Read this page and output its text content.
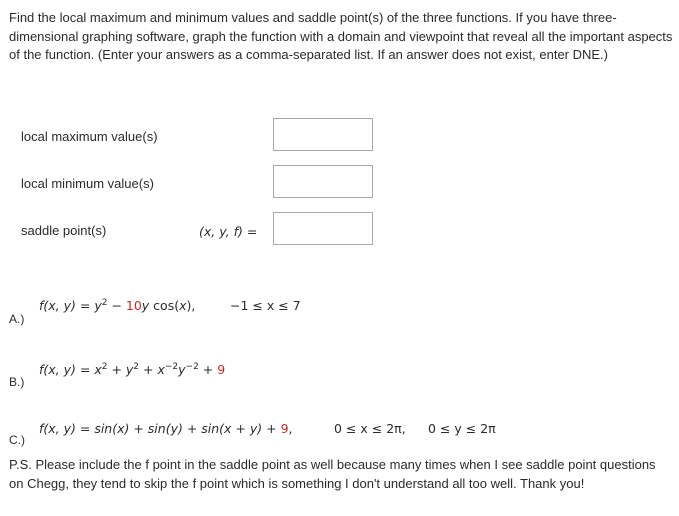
Find the local maximum and minimum values and saddle point(s) of the three functions. If you have three-dimensional graphing software, graph the function with a domain and viewpoint that reveal all the important aspects of the function. (Enter your answers as a comma-separated list. If an answer does not exist, enter DNE.)

local maximum value(s)
local minimum value(s)
saddle point(s)	(x, y, f) =
A.)
f(x, $y) = y^2 - 10y$ cos(x),	−1 ≤ x ≤ 7
B.)
f(x, $y) = x^2 + y^2 + x^{-2}y^{-2} + 9$
C.)
f(x, y) = sin(x) + sin(y) + sin(x + y) + 9,	0 ≤ x ≤ 2π, 0 ≤ y ≤ 2π

P.S. Please include the f point in the saddle point as well because many times when I see saddle point questions on Chegg, they tend to skip the f point which is something I don't understand all too well. Thank you!
